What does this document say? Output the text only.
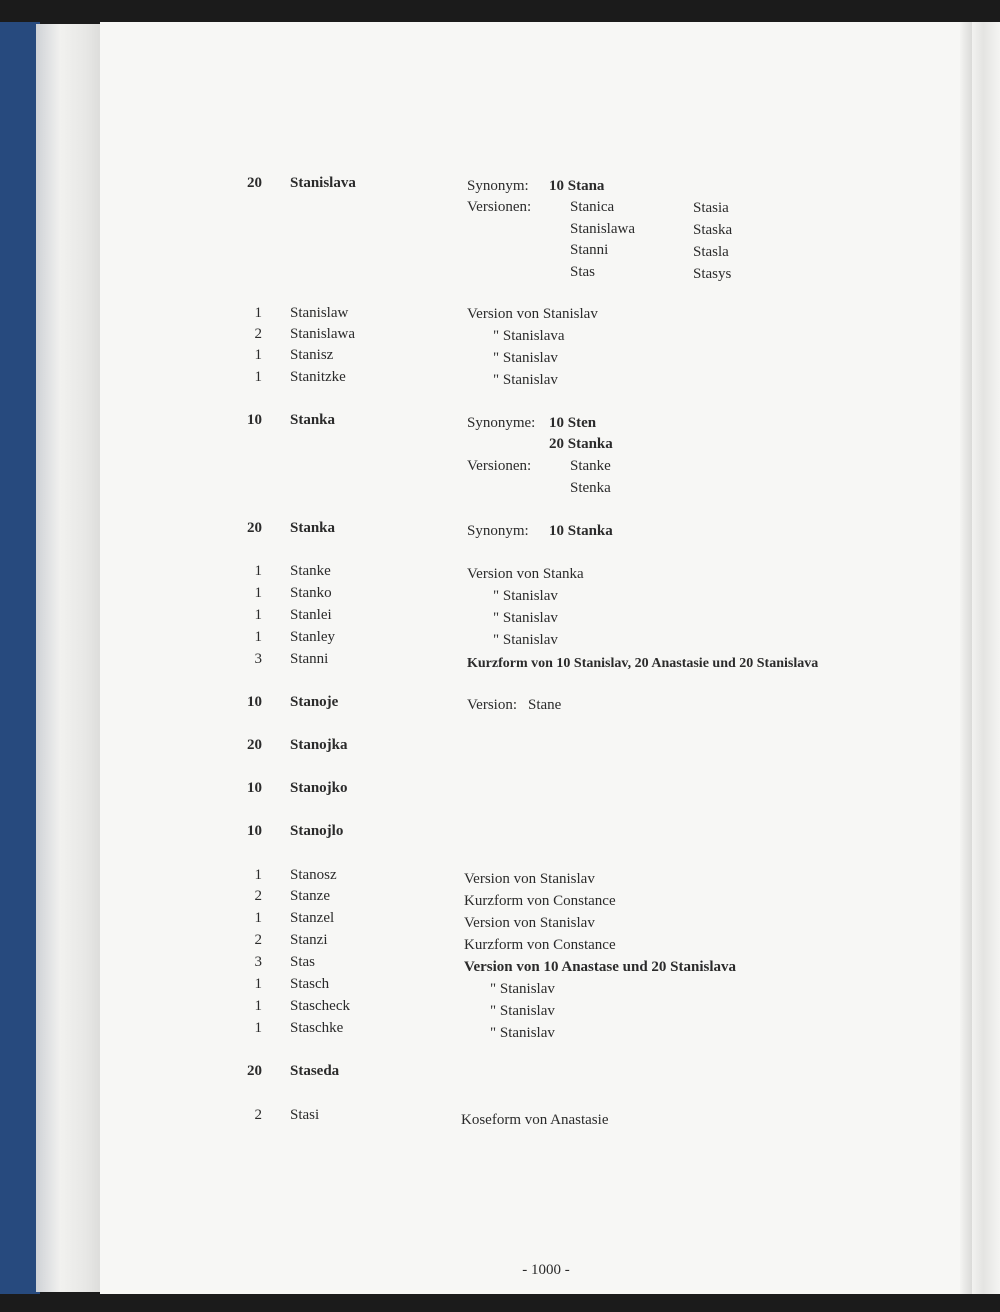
20 Stanislava
1 Stanislaw
2 Stanislawa
1 Stanisz
1 Stanitzke
10 Stanka
20 Stanka
1 Stanke
1 Stanko
1 Stanlei
1 Stanley
3 Stanni
10 Stanoje
20 Stanojka
10 Stanojko
10 Stanojlo
1 Stanosz
2 Stanze
1 Stanzel
2 Stanzi
3 Stas
1 Stasch
1 Stascheck
1 Staschke
20 Staseda
2 Stasi
Synonym: 10 Stana
Versionen:	Stanica
Stanislawa
Stanni
Stas
Stasia
Staska
Stasla
Stasys
Version von Stanislav
" Stanislava
" Stanislav
" Stanislav
Synonyme: 10 Sten
20 Stanka
Versionen:	Stanke
Stenka
Synonym: 10 Stanka
Version von Stanka
" Stanislav
" Stanislav
" Stanislav
Kurzform von 10 Stanislav, 20 Anastasie und 20 Stanislava
Version: Stane
Version von Stanislav
Kurzform von Constance
Version von Stanislav
Kurzform von Constance
Version von 10 Anastase und 20 Stanislava
" Stanislav
" Stanislav
" Stanislav
Koseform von Anastasie
- 1000 -
